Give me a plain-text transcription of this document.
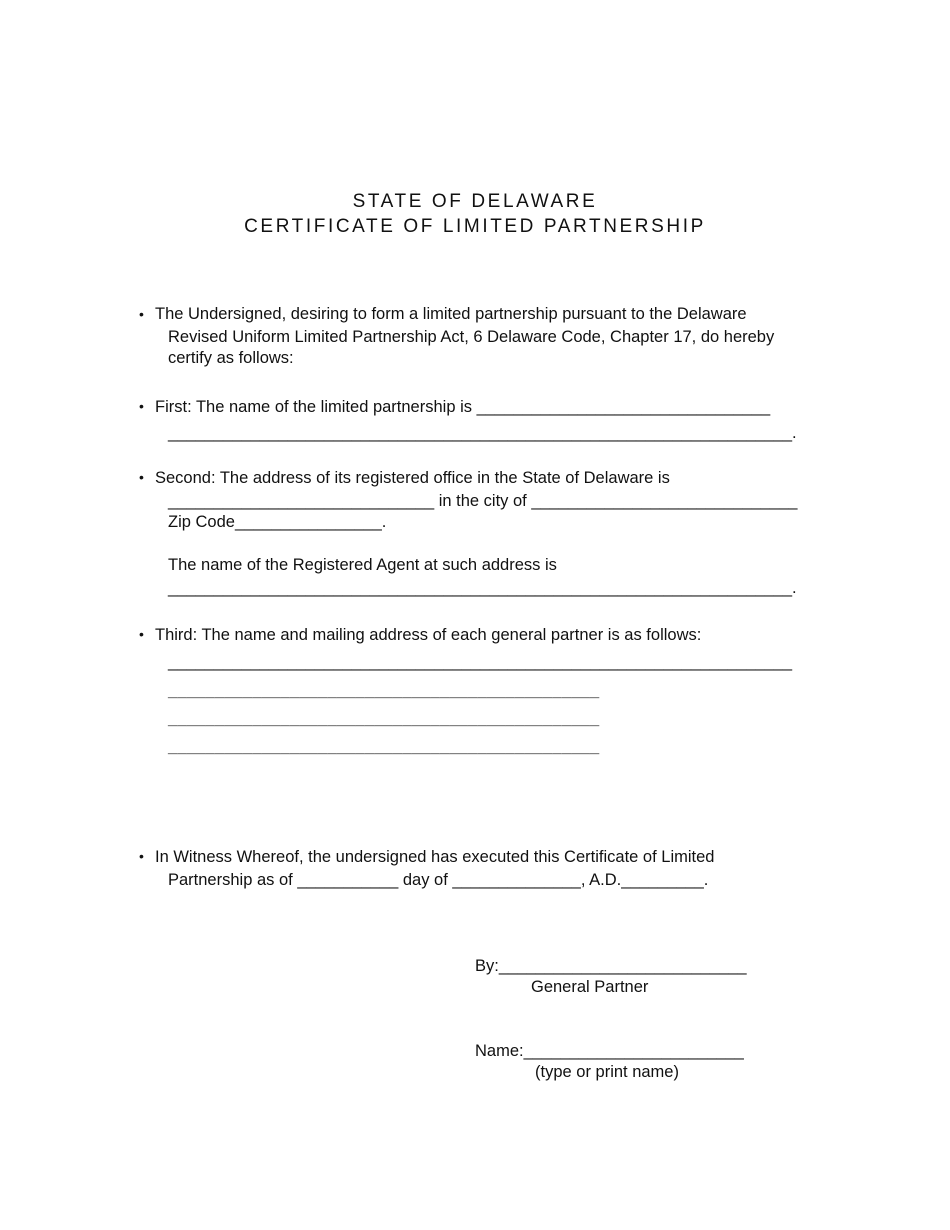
STATE OF DELAWARE
CERTIFICATE OF LIMITED PARTNERSHIP
• The Undersigned, desiring to form a limited partnership pursuant to the Delaware
Revised Uniform Limited Partnership Act, 6 Delaware Code, Chapter 17, do hereby
certify as follows:
• First: The name of the limited partnership is ________________________________
____________________________________________________________________.
• Second: The address of its registered office in the State of Delaware is
_____________________________ in the city of _____________________________
Zip Code________________.
The name of the Registered Agent at such address is
____________________________________________________________________.
• Third: The name and mailing address of each general partner is as follows:
____________________________________________________________________
______________________________________________
______________________________________________
______________________________________________
• In Witness Whereof, the undersigned has executed this Certificate of Limited
Partnership as of ___________ day of ______________, A.D._________.
By:___________________________
General Partner
Name:________________________
(type or print name)
